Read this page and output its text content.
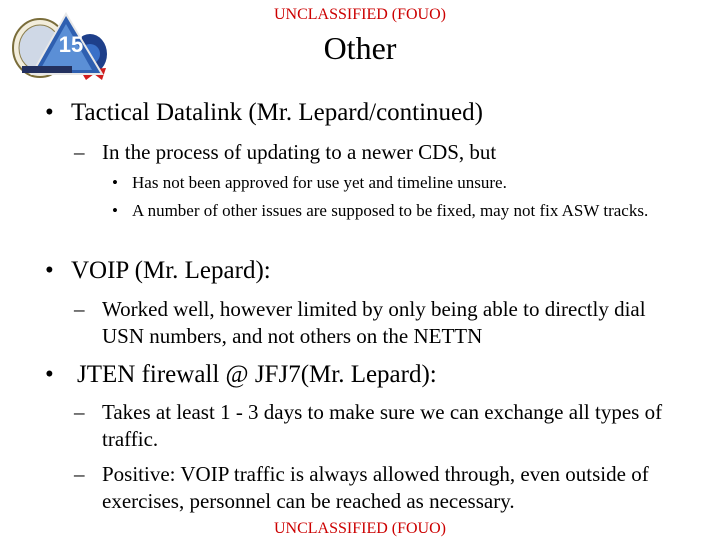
UNCLASSIFIED (FOUO)
15	Other
• Tactical Datalink (Mr. Lepard/continued)
– In the process of updating to a newer CDS, but
• Has not been approved for use yet and timeline unsure.
• A number of other issues are supposed to be fixed, may not fix ASW tracks.
• VOIP (Mr. Lepard):
– Worked well, however limited by only being able to directly dial USN numbers, and not others on the NETTN
• JTEN firewall @ JFJ7(Mr. Lepard):
– Takes at least 1 - 3 days to make sure we can exchange all types of traffic.
– Positive: VOIP traffic is always allowed through, even outside of exercises, personnel can be reached as necessary.
UNCLASSIFIED (FOUO)
